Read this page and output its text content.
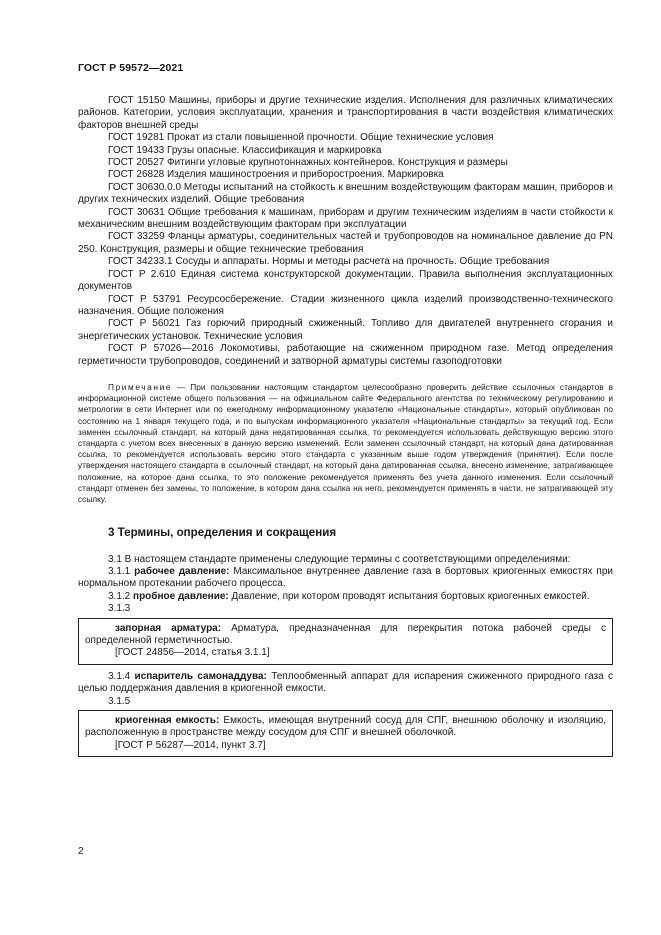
ГОСТ Р 59572—2021

ГОСТ 15150 Машины, приборы и другие технические изделия. Исполнения для различных климатических районов. Категории, условия эксплуатации, хранения и транспортирования в части воздействия климатических факторов внешней среды

ГОСТ 19281 Прокат из стали повышенной прочности. Общие технические условия

ГОСТ 19433 Грузы опасные. Классификация и маркировка

ГОСТ 20527 Фитинги угловые крупнотоннажных контейнеров. Конструкция и размеры

ГОСТ 26828 Изделия машиностроения и приборостроения. Маркировка

ГОСТ 30630.0.0 Методы испытаний на стойкость к внешним воздействующим факторам машин, приборов и других технических изделий. Общие требования

ГОСТ 30631 Общие требования к машинам, приборам и другим техническим изделиям в части стойкости к механическим внешним воздействующим факторам при эксплуатации

ГОСТ 33259 Фланцы арматуры, соединительных частей и трубопроводов на номинальное давление до PN 250. Конструкция, размеры и общие технические требования

ГОСТ 34233.1 Сосуды и аппараты. Нормы и методы расчета на прочность. Общие требования

ГОСТ Р 2.610 Единая система конструкторской документации. Правила выполнения эксплуатационных документов

ГОСТ Р 53791 Ресурсосбережение. Стадии жизненного цикла изделий производственно-технического назначения. Общие положения

ГОСТ Р 56021 Газ горючий природный сжиженный. Топливо для двигателей внутреннего сгорания и энергетических установок. Технические условия

ГОСТ Р 57026—2016 Локомотивы, работающие на сжиженном природном газе. Метод определения герметичности трубопроводов, соединений и затворной арматуры системы газоподготовки

Примечание — При пользовании настоящим стандартом целесообразно проверить действие ссылочных стандартов в информационной системе общего пользования — на официальном сайте Федерального агентства по техническому регулированию и метрологии в сети Интернет или по ежегодному информационному указателю «Национальные стандарты», который опубликован по состоянию на 1 января текущего года, и по выпускам информационного указателя «Национальные стандарты» за текущий год. Если заменен ссылочный стандарт, на который дана недатированная ссылка, то рекомендуется использовать действующую версию этого стандарта с учетом всех внесенных в данную версию изменений. Если заменен ссылочный стандарт, на который дана датированная ссылка, то рекомендуется использовать версию этого стандарта с указанным выше годом утверждения (принятия). Если после утверждения настоящего стандарта в ссылочный стандарт, на который дана датированная ссылка, внесено изменение, затрагивающее положение, на которое дана ссылка, то это положение рекомендуется применять без учета данного изменения. Если ссылочный стандарт отменен без замены, то положение, в котором дана ссылка на него, рекомендуется применять в части, не затрагивающей эту ссылку.

3 Термины, определения и сокращения

3.1 В настоящем стандарте применены следующие термины с соответствующими определениями:

3.1.1 рабочее давление: Максимальное внутреннее давление газа в бортовых криогенных емкостях при нормальном протекании рабочего процесса.

3.1.2 пробное давление: Давление, при котором проводят испытания бортовых криогенных емкостей.

3.1.3

запорная арматура: Арматура, предназначенная для перекрытия потока рабочей среды с определенной герметичностью.

[ГОСТ 24856—2014, статья 3.1.1]

3.1.4 испаритель самонаддува: Теплообменный аппарат для испарения сжиженного природного газа с целью поддержания давления в криогенной емкости.

3.1.5

криогенная емкость: Емкость, имеющая внутренний сосуд для СПГ, внешнюю оболочку и изоляцию, расположенную в пространстве между сосудом для СПГ и внешней оболочкой.

[ГОСТ Р 56287—2014, пункт 3.7]

2
